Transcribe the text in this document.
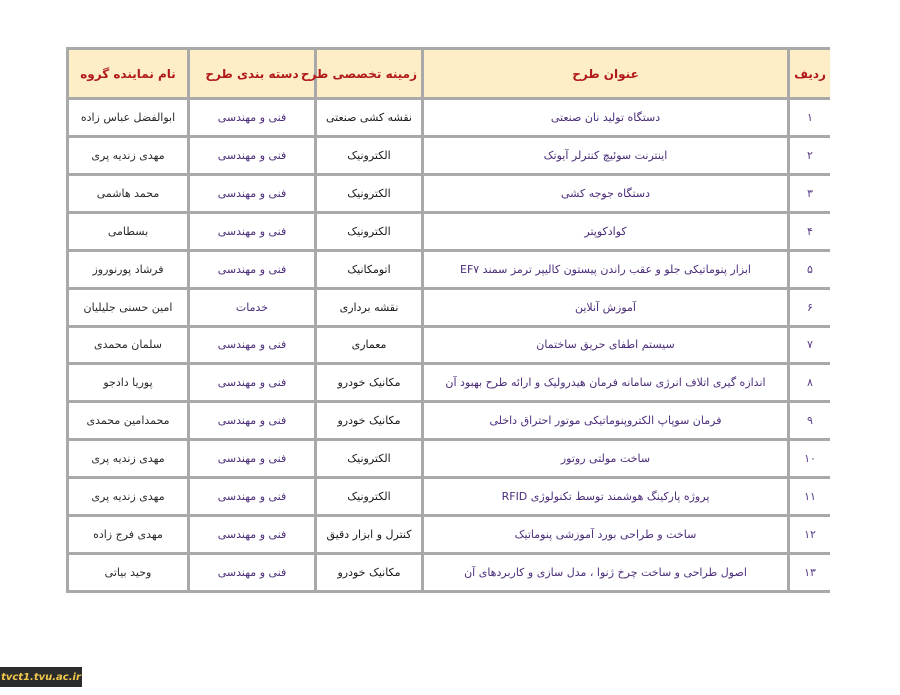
ردیف	عنوان طرح	زمینه تخصصی طرح	دسته بندی طرح	نام نماینده گروه
۱	دستگاه تولید نان صنعتی	نقشه کشی صنعتی	فنی و مهندسی	ابوالفضل عباس زاده
۲	اینترنت سوئیچ کنترلر آیوتک	الکترونیک	فنی و مهندسی	مهدی زندیه پری
۳	دستگاه جوجه کشی	الکترونیک	فنی و مهندسی	محمد هاشمی
۴	کوادکوپتر	الکترونیک	فنی و مهندسی	بسطامی
۵	ابزار پنوماتیکی جلو و عقب راندن پیستون کالیپر ترمز سمند EF۷	اتومکانیک	فنی و مهندسی	فرشاد پورنوروز
۶	آموزش آنلاین	نقشه برداری	خدمات	امین حسنی جلیلیان
۷	سیستم اطفای حریق ساختمان	معماری	فنی و مهندسی	سلمان محمدی
۸	اندازه گیری اتلاف انرژی سامانه فرمان هیدرولیک و ارائه طرح بهبود آن	مکانیک خودرو	فنی و مهندسی	پوریا دادجو
۹	فرمان سوپاپ الکتروپنوماتیکی موتور احتراق داخلی	مکانیک خودرو	فنی و مهندسی	محمدامین محمدی
۱۰	ساخت مولتی روتور	الکترونیک	فنی و مهندسی	مهدی زندیه پری
۱۱	پروژه پارکینگ هوشمند توسط تکنولوژی RFID	الکترونیک	فنی و مهندسی	مهدی زندیه پری
۱۲	ساخت و طراحی بورد آموزشی پنوماتیک	کنترل و ابزار دقیق	فنی و مهندسی	مهدی فرج زاده
۱۳	اصول طراحی و ساخت چرخ ژنوا ، مدل سازی و کاربردهای آن	مکانیک خودرو	فنی و مهندسی	وحید بیاتی
tvct1.tvu.ac.ir
